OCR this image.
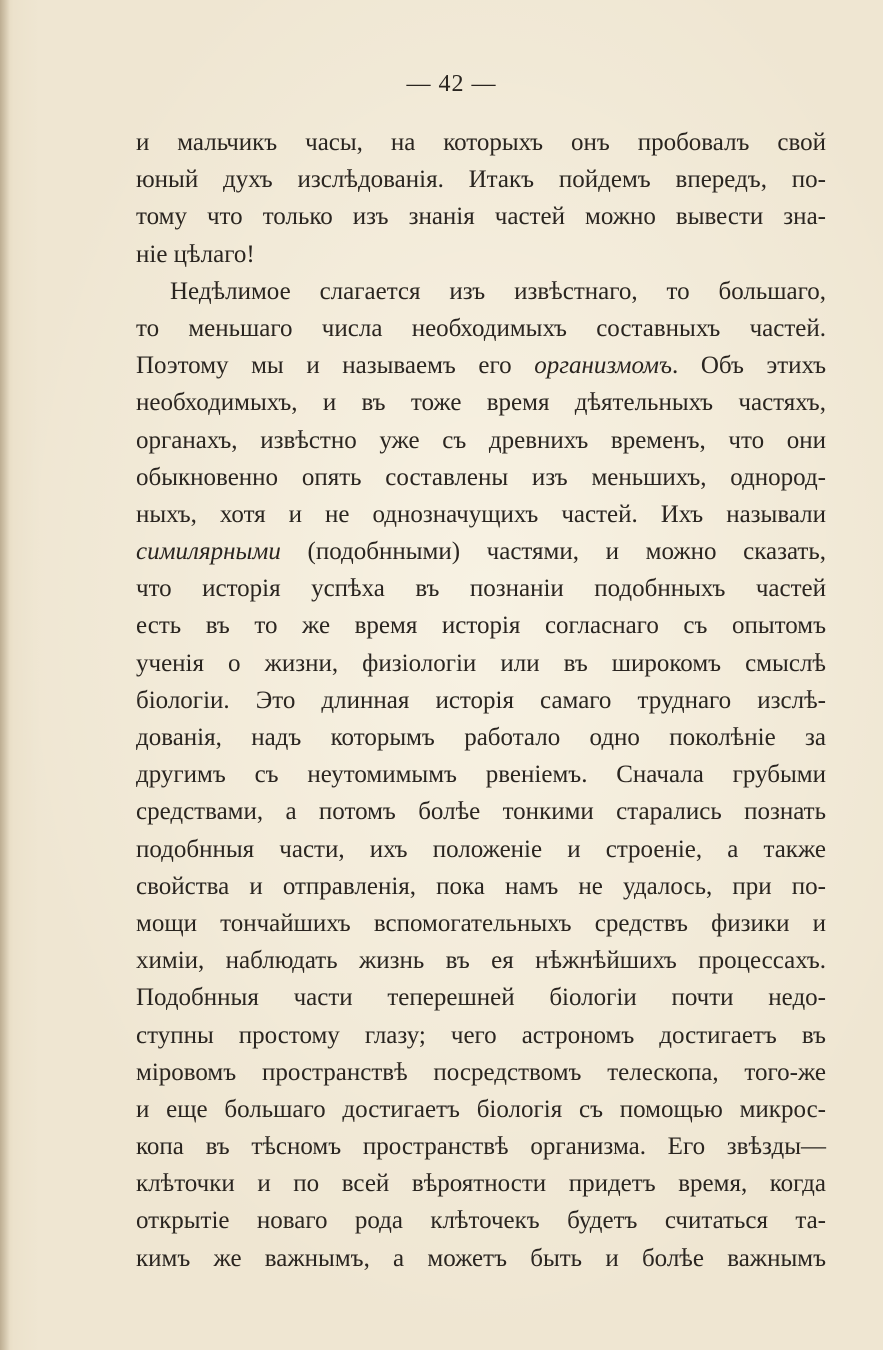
— 42 —
и мальчикъ часы, на которыхъ онъ пробовалъ свой
юный духъ изслѣдованія. Итакъ пойдемъ впередъ, по-
тому что только изъ знанія частей можно вывести зна-
ніе цѣлаго!
Недѣлимое слагается изъ извѣстнаго, то большаго,
то меньшаго числа необходимыхъ составныхъ частей.
Поэтому мы и называемъ его организмомъ. Объ этихъ
необходимыхъ, и въ тоже время дѣятельныхъ частяхъ,
органахъ, извѣстно уже съ древнихъ временъ, что они
обыкновенно опять составлены изъ меньшихъ, однород-
ныхъ, хотя и не однозначущихъ частей. Ихъ называли
симилярными (подобнными) частями, и можно сказать,
что исторія успѣха въ познаніи подобнныхъ частей
есть въ то же время исторія согласнаго съ опытомъ
ученія о жизни, физіологіи или въ широкомъ смыслѣ
біологіи. Это длинная исторія самаго труднаго изслѣ-
дованія, надъ которымъ работало одно поколѣніе за
другимъ съ неутомимымъ рвеніемъ. Сначала грубыми
средствами, а потомъ болѣе тонкими старались познать
подобнныя части, ихъ положеніе и строеніе, а также
свойства и отправленія, пока намъ не удалось, при по-
мощи тончайшихъ вспомогательныхъ средствъ физики и
химіи, наблюдать жизнь въ ея нѣжнѣйшихъ процессахъ.
Подобнныя части теперешней біологіи почти недо-
ступны простому глазу; чего астрономъ достигаетъ въ
міровомъ пространствѣ посредствомъ телескопа, того-же
и еще большаго достигаетъ біологія съ помощью микрос-
копа въ тѣсномъ пространствѣ организма. Его звѣзды—
клѣточки и по всей вѣроятности придетъ время, когда
открытіе новаго рода клѣточекъ будетъ считаться та-
кимъ же важнымъ, а можетъ быть и болѣе важнымъ
